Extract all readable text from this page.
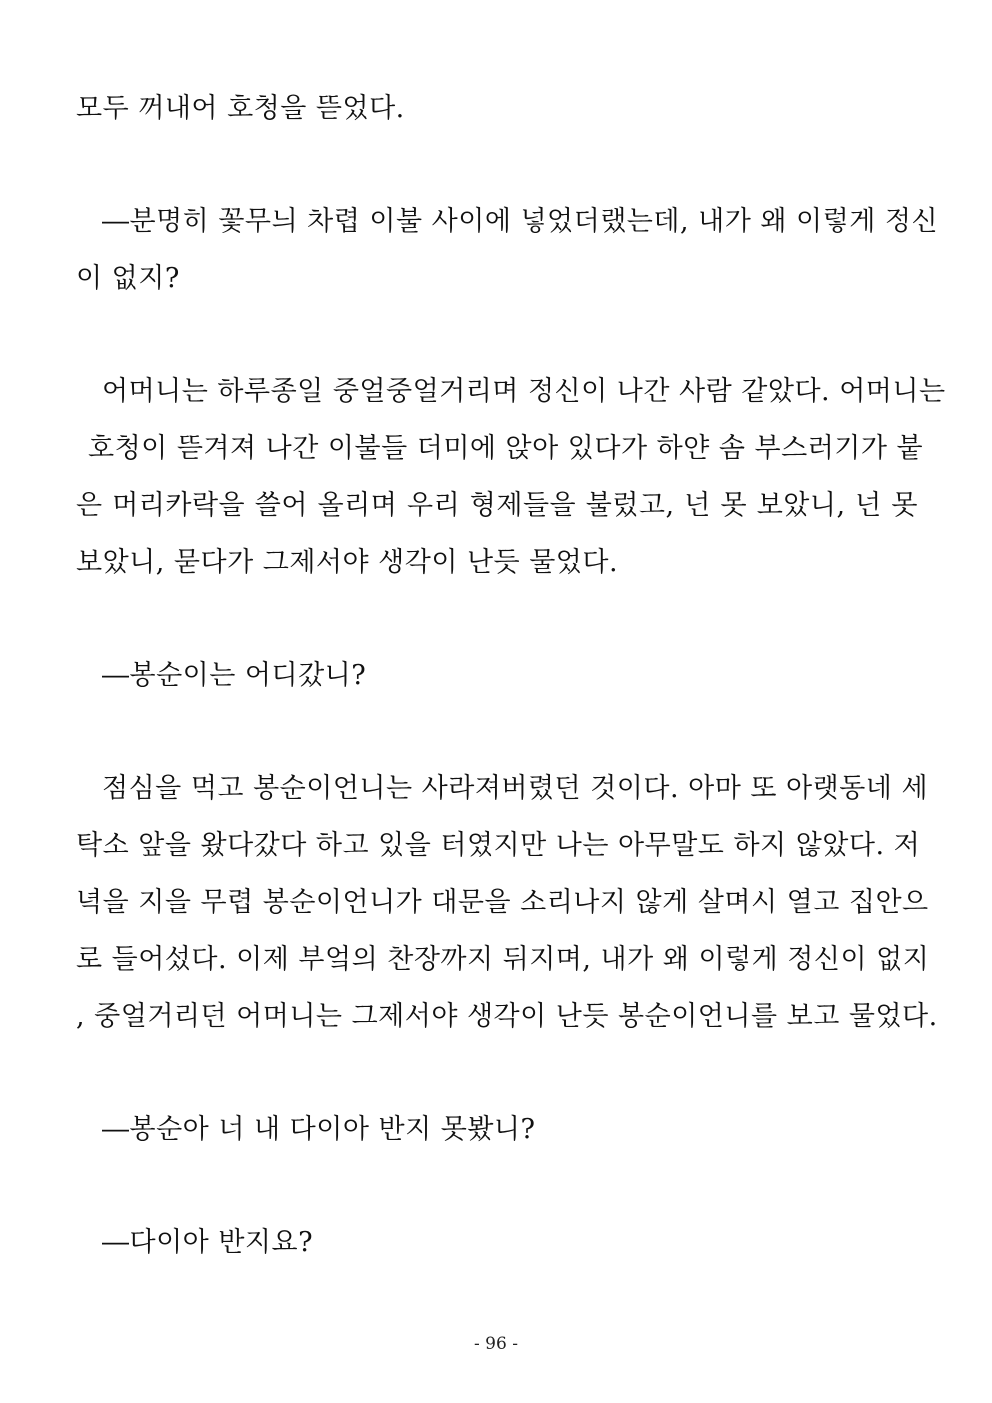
모두 꺼내어 호청을 뜯었다.
―분명히 꽃무늬 차렵 이불 사이에 넣었더랬는데, 내가 왜 이렇게 정신
이 없지?
어머니는 하루종일 중얼중얼거리며 정신이 나간 사람 같았다. 어머니는
호청이 뜯겨져 나간 이불들 더미에 앉아 있다가 하얀 솜 부스러기가 붙
은 머리카락을 쓸어 올리며 우리 형제들을 불렀고, 넌 못 보았니, 넌 못
보았니, 묻다가 그제서야 생각이 난듯 물었다.
―봉순이는 어디갔니?
점심을 먹고 봉순이언니는 사라져버렸던 것이다. 아마 또 아랫동네 세
탁소 앞을 왔다갔다 하고 있을 터였지만 나는 아무말도 하지 않았다. 저
녁을 지을 무렵 봉순이언니가 대문을 소리나지 않게 살며시 열고 집안으
로 들어섰다. 이제 부엌의 찬장까지 뒤지며, 내가 왜 이렇게 정신이 없지
, 중얼거리던 어머니는 그제서야 생각이 난듯 봉순이언니를 보고 물었다.
―봉순아 너 내 다이아 반지 못봤니?
―다이아 반지요?
- 96 -
